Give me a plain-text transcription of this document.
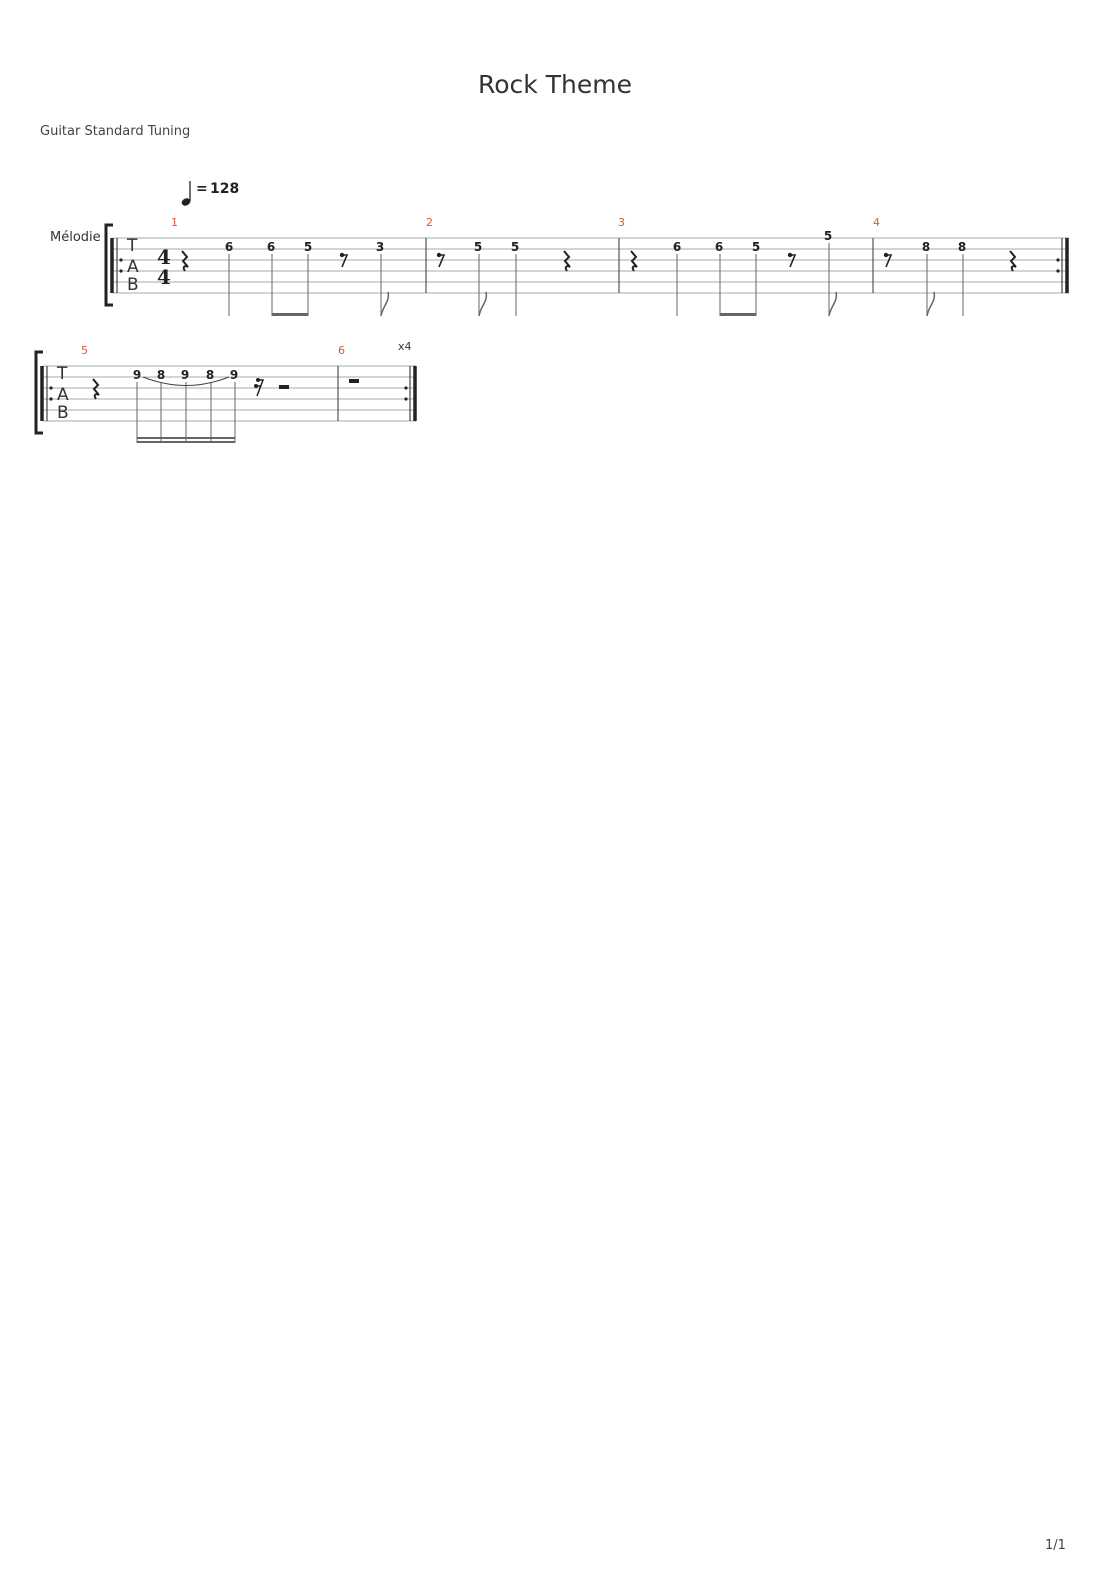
Rock Theme
Guitar Standard Tuning
1/1
= 128
Mélodie T
A
B
4
4
1	2	3	4
6	6 5	3	5 5	6	6 5
5
8 8
T
A
B
5	6	x4
9 8 9 8 9
